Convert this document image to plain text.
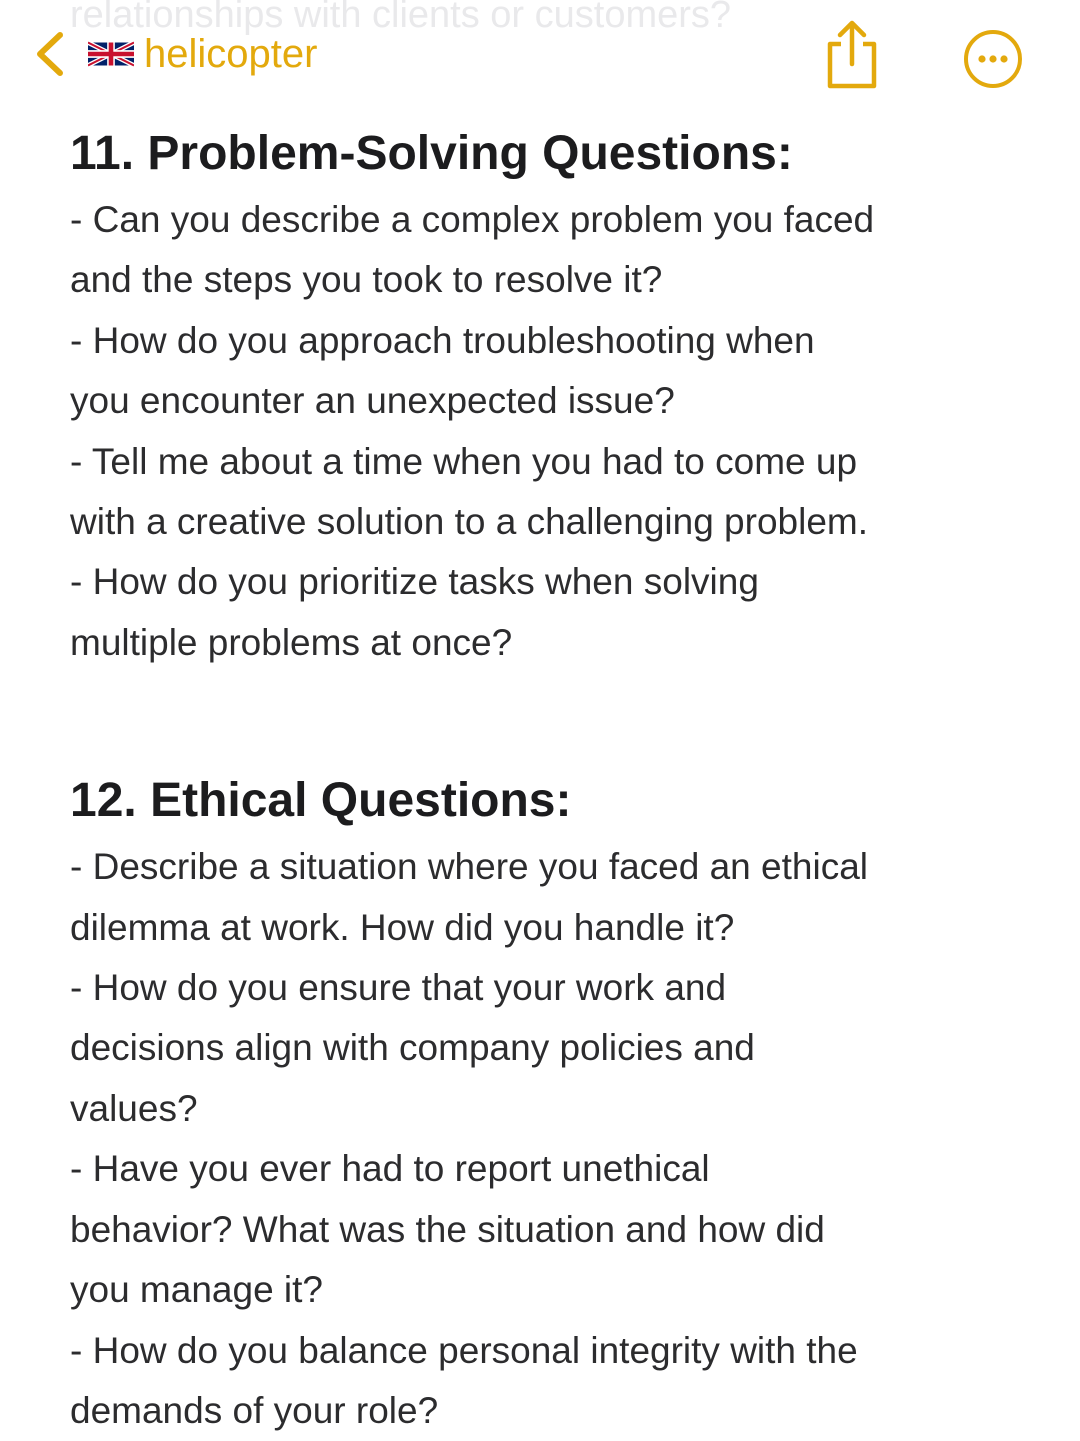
relationships with clients or customers?
helicopter
11. Problem-Solving Questions:
- Can you describe a complex problem you faced
and the steps you took to resolve it?
- How do you approach troubleshooting when
you encounter an unexpected issue?
- Tell me about a time when you had to come up
with a creative solution to a challenging problem.
- How do you prioritize tasks when solving
multiple problems at once?
12. Ethical Questions:
- Describe a situation where you faced an ethical
dilemma at work. How did you handle it?
- How do you ensure that your work and
decisions align with company policies and
values?
- Have you ever had to report unethical
behavior? What was the situation and how did
you manage it?
- How do you balance personal integrity with the
demands of your role?
